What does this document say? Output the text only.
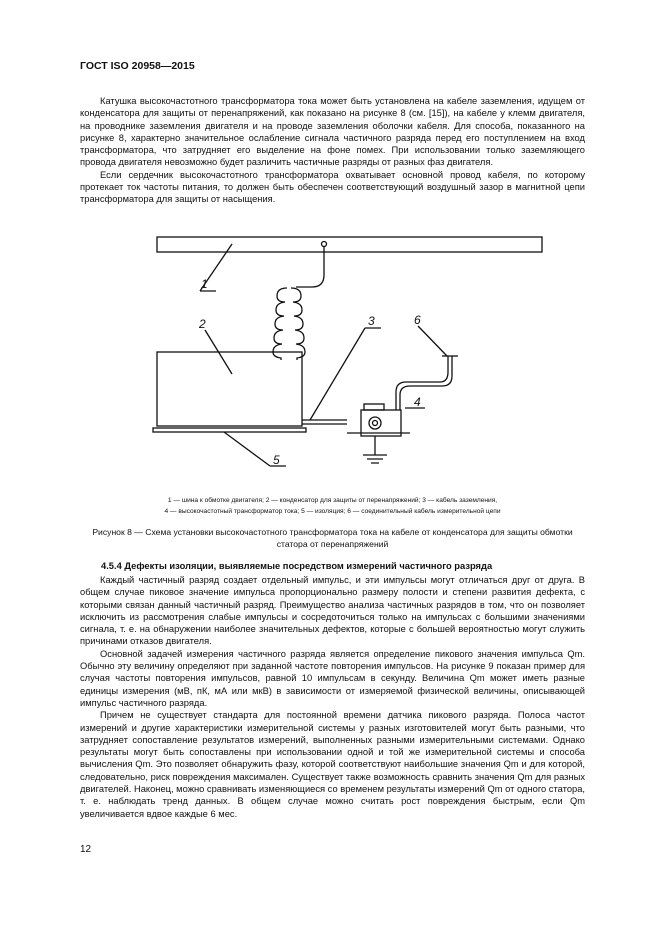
ГОСТ ISO 20958—2015

Катушка высокочастотного трансформатора тока может быть установлена на кабеле заземления, идущем от конденсатора для защиты от перенапряжений, как показано на рисунке 8 (см. [15]), на кабеле у клемм двигателя, на проводнике заземления двигателя и на проводе заземления оболочки кабеля. Для способа, показанного на рисунке 8, характерно значительное ослабление сигнала частичного разряда перед его поступлением на вход трансформатора, что затрудняет его выделение на фоне помех. При использовании только заземляющего провода двигателя невозможно будет различить частичные разряды от разных фаз двигателя.

Если сердечник высокочастотного трансформатора охватывает основной провод кабеля, по которому протекает ток частоты питания, то должен быть обеспечен соответствующий воздушный зазор в магнитной цепи трансформатора для защиты от насыщения.

1
2	3
4
5
6
1 — шина к обмотке двигателя; 2 — конденсатор для защиты от перенапряжений; 3 — кабель заземления,
4 — высокочастотный трансформатор тока; 5 — изоляция; 6 — соединительный кабель измерительной цепи
Рисунок 8 — Схема установки высокочастотного трансформатора тока на кабеле от конденсатора для защиты обмотки статора от перенапряжений
4.5.4 Дефекты изоляции, выявляемые посредством измерений частичного разряда

Каждый частичный разряд создает отдельный импульс, и эти импульсы могут отличаться друг от друга. В общем случае пиковое значение импульса пропорционально размеру полости и степени развития дефекта, с которыми связан данный частичный разряд. Преимущество анализа частичных разрядов в том, что он позволяет исключить из рассмотрения слабые импульсы и сосредоточиться только на импульсах с большими значениями сигнала, т. е. на обнаружении наиболее значительных дефектов, которые с большей вероятностью могут служить причинами отказов двигателя.

Основной задачей измерения частичного разряда является определение пикового значения импульса Qm. Обычно эту величину определяют при заданной частоте повторения импульсов. На рисунке 9 показан пример для случая частоты повторения импульсов, равной 10 импульсам в секунду. Величина Qm может иметь разные единицы измерения (мВ, пК, мА или мкВ) в зависимости от измеряемой физической величины, описывающей импульс частичного разряда.

Причем не существует стандарта для постоянной времени датчика пикового разряда. Полоса частот измерений и другие характеристики измерительной системы у разных изготовителей могут быть разными, что затрудняет сопоставление результатов измерений, выполненных разными измерительными системами. Однако результаты могут быть сопоставлены при использовании одной и той же измерительной системы и способа вычисления Qm. Это позволяет обнаружить фазу, которой соответствуют наибольшие значения Qm и для которой, следовательно, риск повреждения максимален. Существует также возможность сравнить значения Qm для разных двигателей. Наконец, можно сравнивать изменяющиеся со временем результаты измерений Qm от одного статора, т. е. наблюдать тренд данных. В общем случае можно считать рост повреждения быстрым, если Qm увеличивается вдвое каждые 6 мес.

12
